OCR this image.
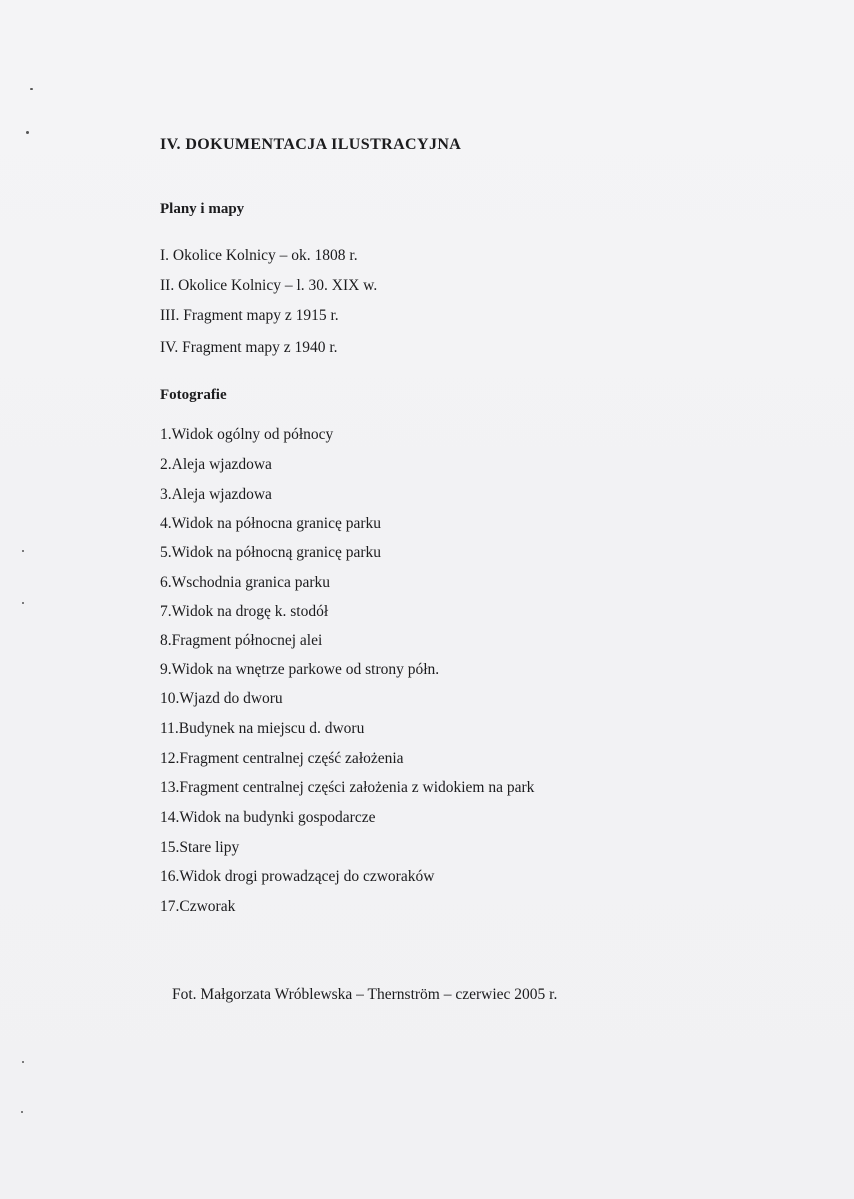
IV. DOKUMENTACJA ILUSTRACYJNA
Plany i mapy
I. Okolice Kolnicy – ok. 1808 r.
II. Okolice Kolnicy – l. 30. XIX w.
III. Fragment mapy z 1915 r.
IV. Fragment mapy z 1940 r.
Fotografie
1.Widok ogólny od północy
2.Aleja wjazdowa
3.Aleja wjazdowa
4.Widok na północna granicę parku
5.Widok na północną granicę parku
6.Wschodnia granica parku
7.Widok na drogę k. stodół
8.Fragment północnej alei
9.Widok na wnętrze parkowe od strony półn.
10.Wjazd do dworu
11.Budynek na miejscu d. dworu
12.Fragment centralnej część założenia
13.Fragment centralnej części założenia z widokiem na park
14.Widok na budynki gospodarcze
15.Stare lipy
16.Widok drogi prowadzącej do czworaków
17.Czworak
Fot. Małgorzata Wróblewska – Thernström – czerwiec 2005 r.
